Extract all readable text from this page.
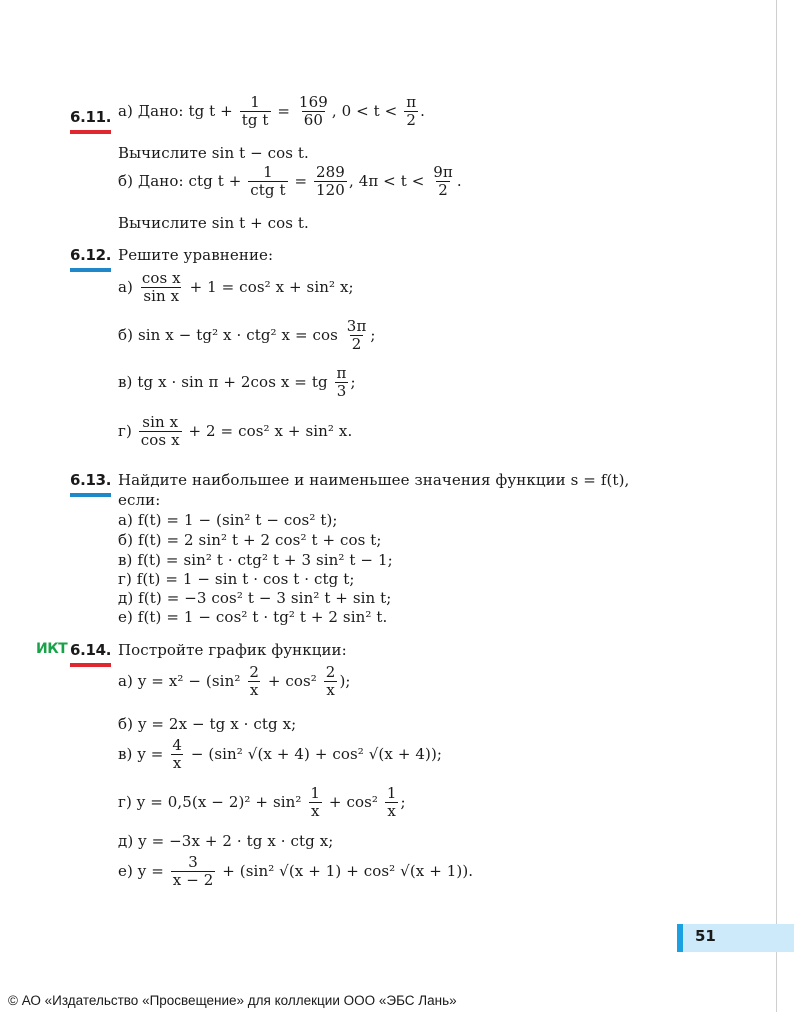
6.11. а) Дано: tg $t + \frac{1}{\text{tg t}} = \frac{169}{60}$ , $0 < t < \frac{\pi}{2}$ .
Вычислите sin t − cos t.
б) Дано: ctg $t + \frac{1}{\text{ctg t}} = \frac{289}{120}$ , $4\pi < t < \frac{9\pi}{2}$ .
Вычислите sin t + cos t.
6.12. Решите уравнение:
$а) \frac{\text{cos x}}{\text{sin x}} + 1 = \cos^2$ x + sin² x;
б) sin x − tg² x · ctg² $x = \cos \frac{3\pi}{2}$ ;
в) tg x · sin π + 2cos x = tg $\frac{\pi}{3}$ ;
$г) \frac{\text{sin x}}{\text{cos x}} + 2 = \cos^2$ x + sin² x.
6.13. Найдите наибольшее и наименьшее значения функции s = f(t),
если:
а) f(t) = 1 − (sin² t − cos² t);
б) f(t) = 2 sin² t + 2 cos² t + cos t;
в) f(t) = sin² t · ctg² t + 3 sin² t − 1;
г) f(t) = 1 − sin t · cos t · ctg t;
д) f(t) = −3 cos² t − 3 sin² t + sin t;
е) f(t) = 1 − cos² t · tg² t + 2 sin² t.
ИКТ 6.14. Постройте график функции:
а) $y = x^2 - (\sin^2 \frac{2}{x} + \cos^2 \frac{2}{x}$ );
б) y = 2x − tg x · ctg x;
в) $y = \frac{4}{x} - (\sin^2$ √(x + 4) + cos² √(x + 4));
г) $y = 0,5(x - 2)^2 + \sin^2 \frac{1}{x} + \cos^2 \frac{1}{x}$ ;
д) y = −3x + 2 · tg x · ctg x;
е) $y = \frac{3}{x - 2} + (\sin^2$ √(x + 1) + cos² √(x + 1)).
51
© АО «Издательство «Просвещение» для коллекции ООО «ЭБС Лань»
